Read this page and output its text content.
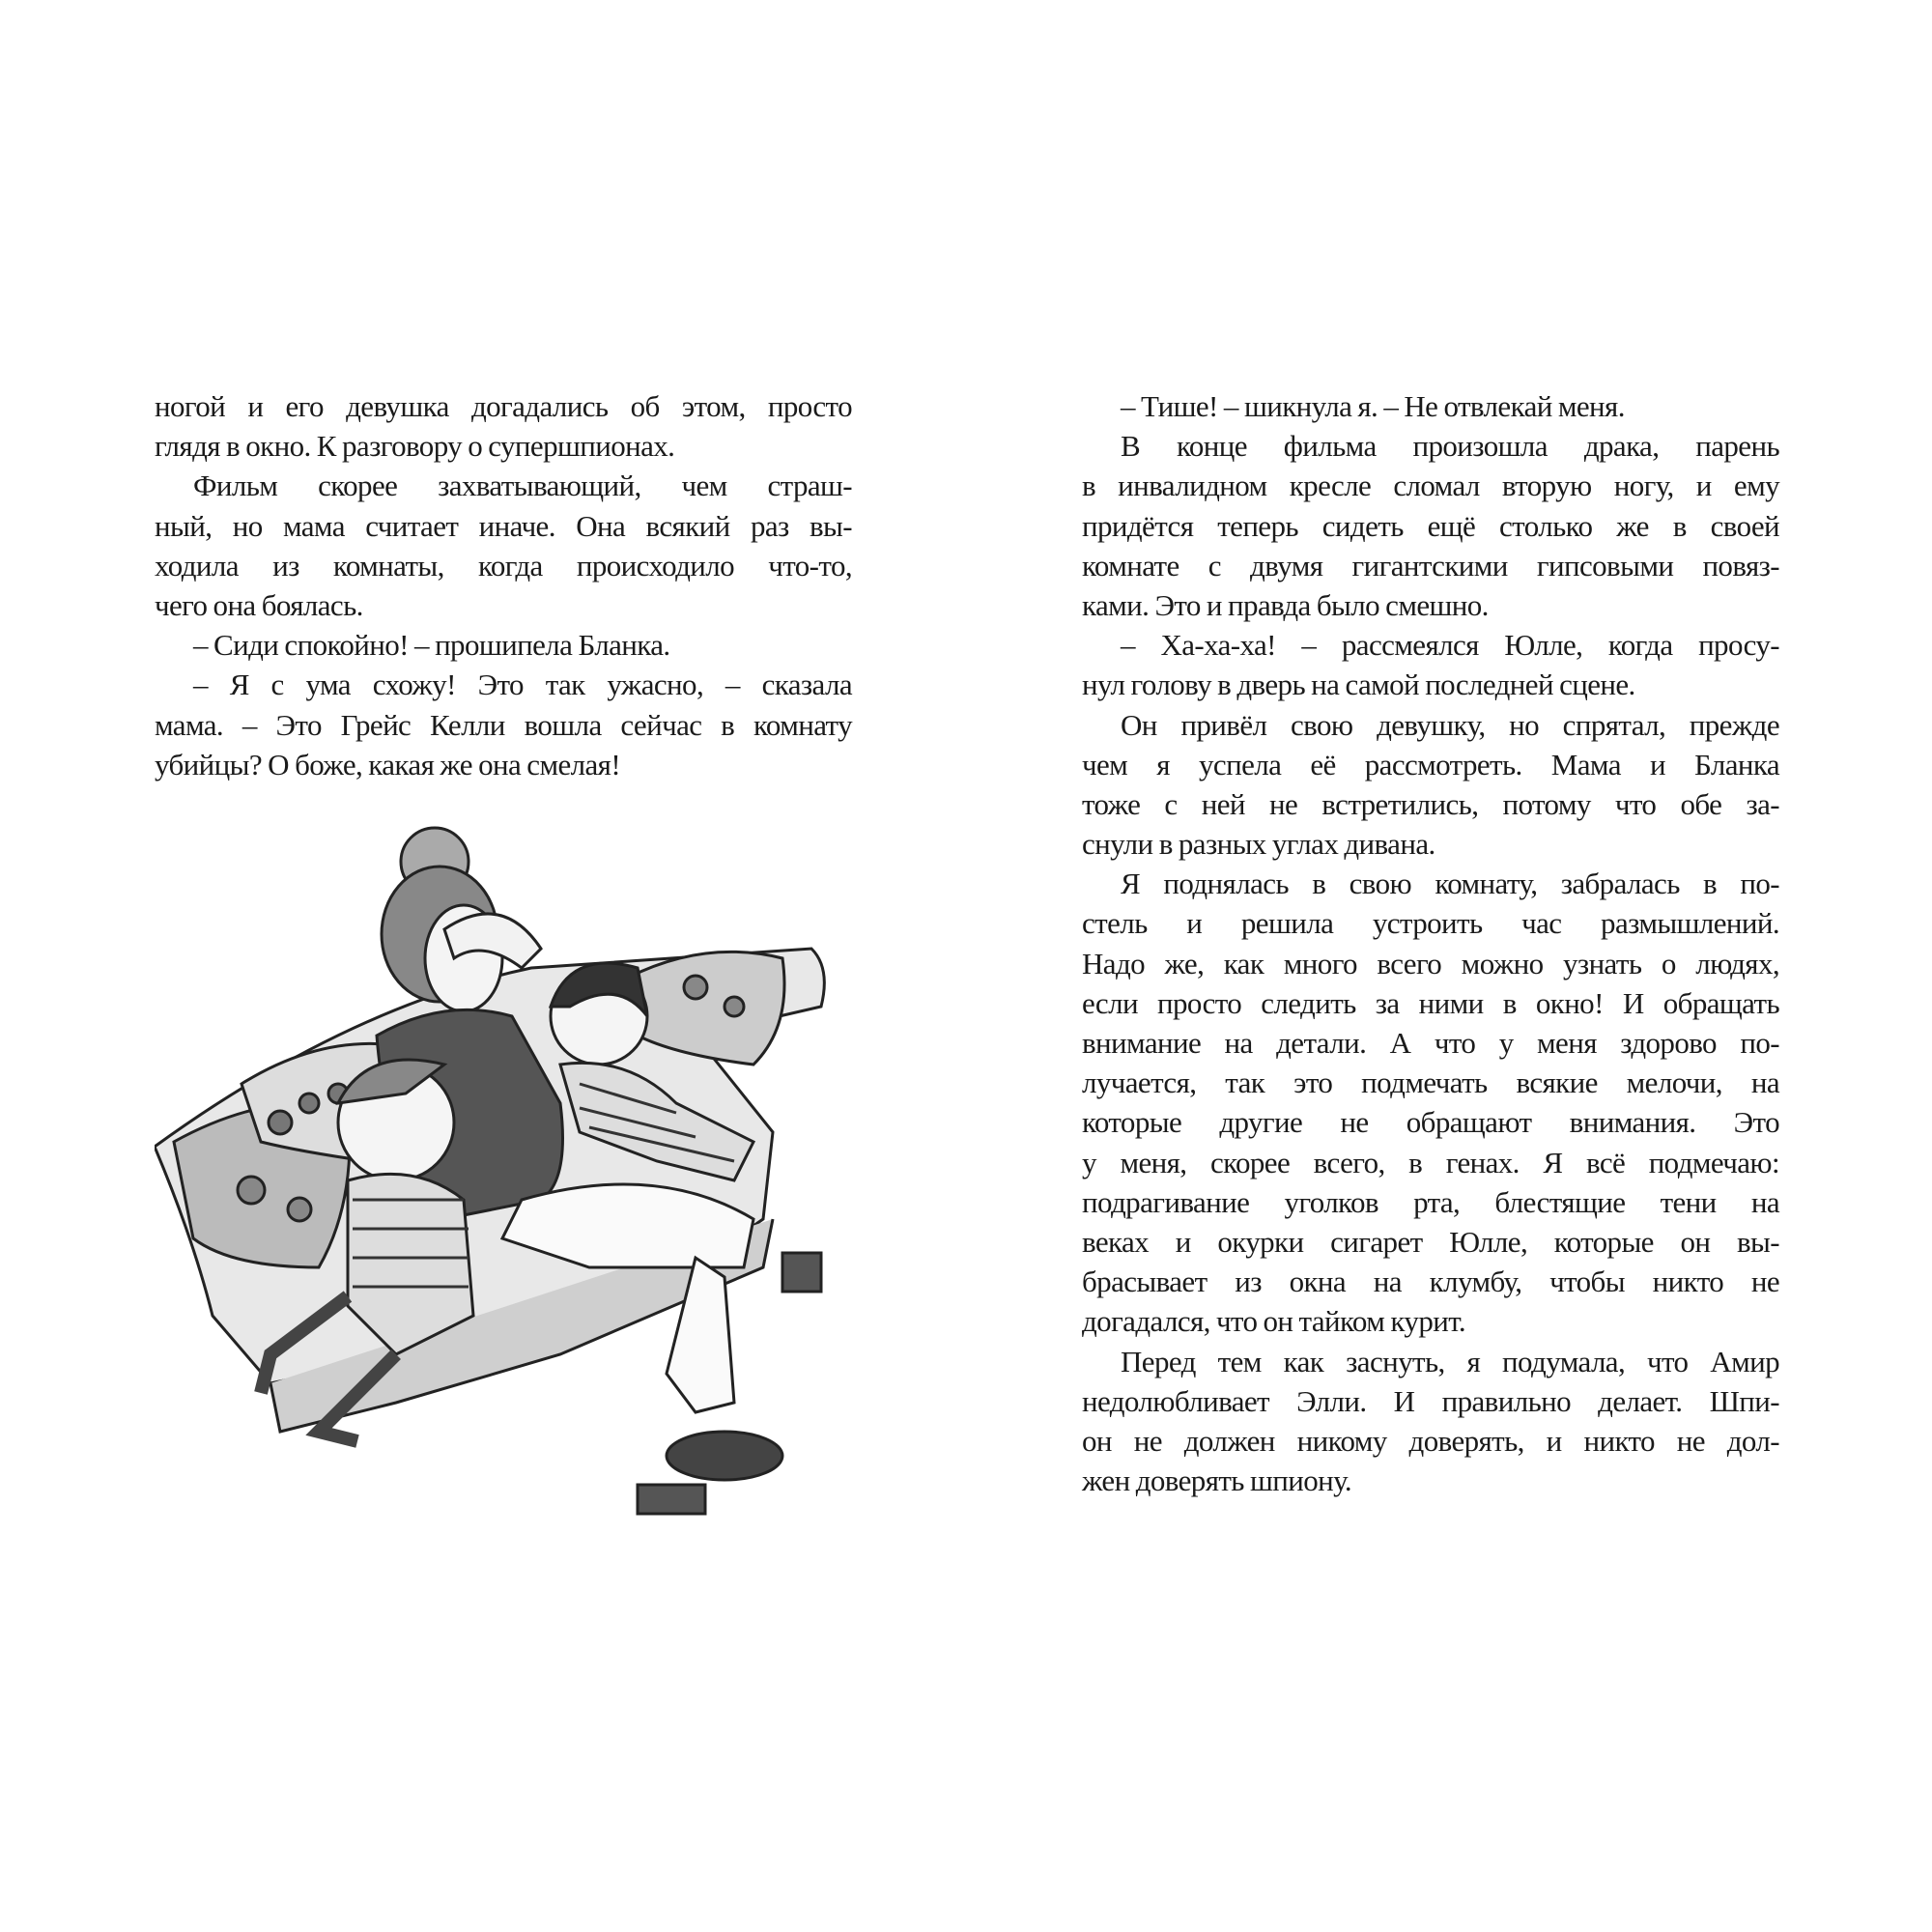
ногой и его девушка догадались об этом, просто
глядя в окно. К разговору о супершпионах.
Фильм скорее захватывающий, чем страш-
ный, но мама считает иначе. Она всякий раз вы-
ходила из комнаты, когда происходило что-то,
чего она боялась.
– Сиди спокойно! – прошипела Бланка.
– Я с ума схожу! Это так ужасно, – сказала
мама. – Это Грейс Келли вошла сейчас в комнату
убийцы? О боже, какая же она смелая!
– Тише! – шикнула я. – Не отвлекай меня.
В конце фильма произошла драка, парень
в инвалидном кресле сломал вторую ногу, и ему
придётся теперь сидеть ещё столько же в своей
комнате с двумя гигантскими гипсовыми повяз-
ками. Это и правда было смешно.
– Ха-ха-ха! – рассмеялся Юлле, когда просу-
нул голову в дверь на самой последней сцене.
Он привёл свою девушку, но спрятал, прежде
чем я успела её рассмотреть. Мама и Бланка
тоже с ней не встретились, потому что обе за-
снули в разных углах дивана.
Я поднялась в свою комнату, забралась в по-
стель и решила устроить час размышлений.
Надо же, как много всего можно узнать о людях,
если просто следить за ними в окно! И обращать
внимание на детали. А что у меня здорово по-
лучается, так это подмечать всякие мелочи, на
которые другие не обращают внимания. Это
у меня, скорее всего, в генах. Я всё подмечаю:
подрагивание уголков рта, блестящие тени на
веках и окурки сигарет Юлле, которые он вы-
брасывает из окна на клумбу, чтобы никто не
догадался, что он тайком курит.
Перед тем как заснуть, я подумала, что Амир
недолюбливает Элли. И правильно делает. Шпи-
он не должен никому доверять, и никто не дол-
жен доверять шпиону.
